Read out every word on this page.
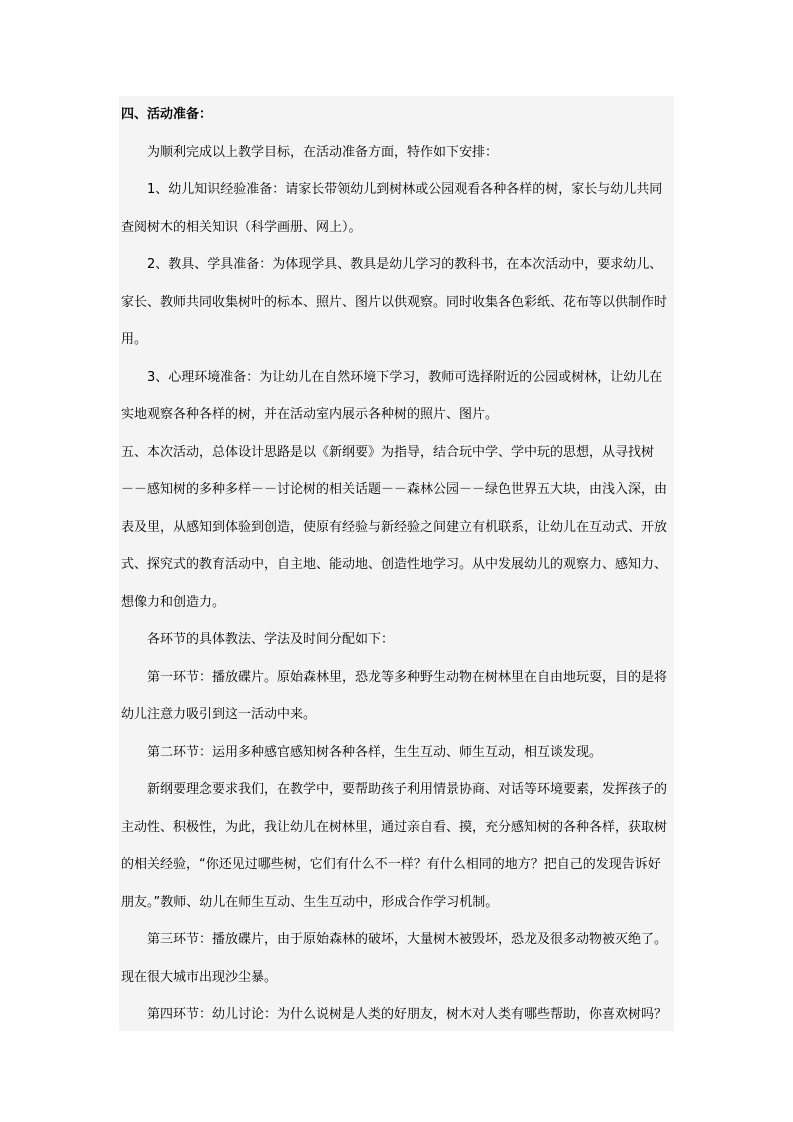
四、活动准备：
为顺利完成以上教学目标，在活动准备方面，特作如下安排：
1、幼儿知识经验准备：请家长带领幼儿到树林或公园观看各种各样的树，家长与幼儿共同
查阅树木的相关知识（科学画册、网上）。
2、教具、学具准备：为体现学具、教具是幼儿学习的教科书，在本次活动中，要求幼儿、
家长、教师共同收集树叶的标本、照片、图片以供观察。同时收集各色彩纸、花布等以供制作时
用。
3、心理环境准备：为让幼儿在自然环境下学习，教师可选择附近的公园或树林，让幼儿在
实地观察各种各样的树，并在活动室内展示各种树的照片、图片。
五、本次活动，总体设计思路是以《新纲要》为指导，结合玩中学、学中玩的思想，从寻找树
－－感知树的多种多样－－讨论树的相关话题－－森林公园－－绿色世界五大块，由浅入深，由
表及里，从感知到体验到创造，使原有经验与新经验之间建立有机联系，让幼儿在互动式、开放
式、探究式的教育活动中，自主地、能动地、创造性地学习。从中发展幼儿的观察力、感知力、
想像力和创造力。
各环节的具体教法、学法及时间分配如下：
第一环节：播放碟片。原始森林里，恐龙等多种野生动物在树林里在自由地玩耍，目的是将
幼儿注意力吸引到这一活动中来。
第二环节：运用多种感官感知树各种各样，生生互动、师生互动，相互谈发现。
新纲要理念要求我们，在教学中，要帮助孩子利用情景协商、对话等环境要素，发挥孩子的
主动性、积极性，为此，我让幼儿在树林里，通过亲自看、摸，充分感知树的各种各样，获取树
的相关经验，“你还见过哪些树，它们有什么不一样？有什么相同的地方？把自己的发现告诉好
朋友。”教师、幼儿在师生互动、生生互动中，形成合作学习机制。
第三环节：播放碟片，由于原始森林的破坏，大量树木被毁坏，恐龙及很多动物被灭绝了。
现在很大城市出现沙尘暴。
第四环节：幼儿讨论：为什么说树是人类的好朋友，树木对人类有哪些帮助，你喜欢树吗？
